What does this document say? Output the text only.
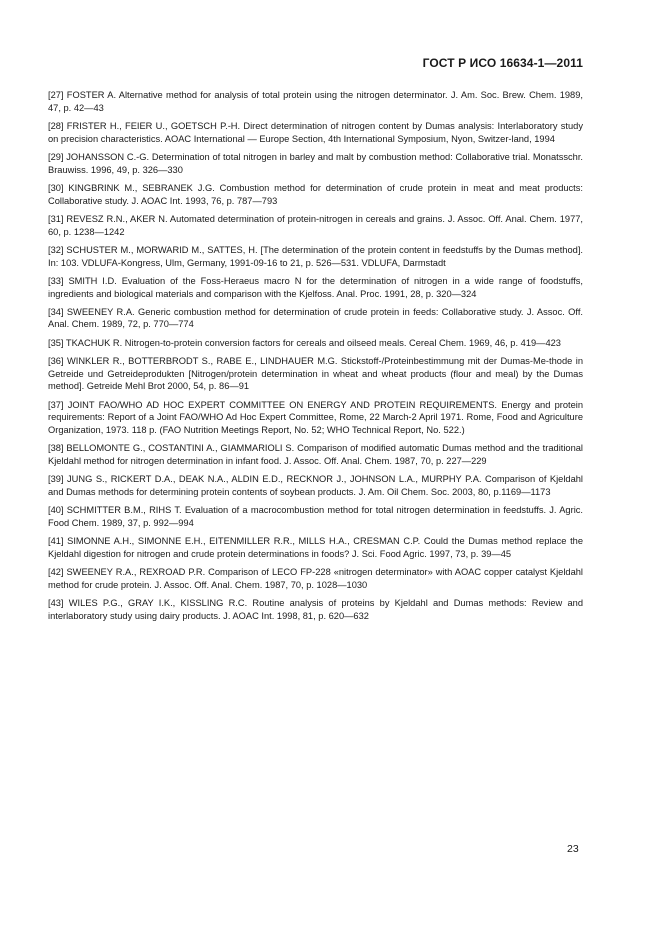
ГОСТ Р ИСО 16634-1—2011

[27] FOSTER A. Alternative method for analysis of total protein using the nitrogen determinator. J. Am. Soc. Brew. Chem. 1989, 47, p. 42—43

[28] FRISTER H., FEIER U., GOETSCH P.-H. Direct determination of nitrogen content by Dumas analysis: Interlaboratory study on precision characteristics. AOAC International — Europe Section, 4th International Symposium, Nyon, Switzer-land, 1994

[29] JOHANSSON C.-G. Determination of total nitrogen in barley and malt by combustion method: Collaborative trial. Monatsschr. Brauwiss. 1996, 49, p. 326—330

[30] KINGBRINK M., SEBRANEK J.G. Combustion method for determination of crude protein in meat and meat products: Collaborative study. J. AOAC Int. 1993, 76, p. 787—793

[31] REVESZ R.N., AKER N. Automated determination of protein-nitrogen in cereals and grains. J. Assoc. Off. Anal. Chem. 1977, 60, p. 1238—1242

[32] SCHUSTER M., MORWARID M., SATTES, H. [The determination of the protein content in feedstuffs by the Dumas method]. In: 103. VDLUFA-Kongress, Ulm, Germany, 1991-09-16 to 21, p. 526—531. VDLUFA, Darmstadt

[33] SMITH I.D. Evaluation of the Foss-Heraeus macro N for the determination of nitrogen in a wide range of foodstuffs, ingredients and biological materials and comparison with the Kjelfoss. Anal. Proc. 1991, 28, p. 320—324

[34] SWEENEY R.A. Generic combustion method for determination of crude protein in feeds: Collaborative study. J. Assoc. Off. Anal. Chem. 1989, 72, p. 770—774

[35] TKACHUK R. Nitrogen-to-protein conversion factors for cereals and oilseed meals. Cereal Chem. 1969, 46, p. 419—423

[36] WINKLER R., BOTTERBRODT S., RABE E., LINDHAUER M.G. Stickstoff-/Proteinbestimmung mit der Dumas-Me-thode in Getreide und Getreideprodukten [Nitrogen/protein determination in wheat and wheat products (flour and meal) by the Dumas method]. Getreide Mehl Brot 2000, 54, p. 86—91

[37] JOINT FAO/WHO AD HOC EXPERT COMMITTEE ON ENERGY AND PROTEIN REQUIREMENTS. Energy and protein requirements: Report of a Joint FAO/WHO Ad Hoc Expert Committee, Rome, 22 March-2 April 1971. Rome, Food and Agriculture Organization, 1973. 118 p. (FAO Nutrition Meetings Report, No. 52; WHO Technical Report, No. 522.)

[38] BELLOMONTE G., COSTANTINI A., GIAMMARIOLI S. Comparison of modified automatic Dumas method and the traditional Kjeldahl method for nitrogen determination in infant food. J. Assoc. Off. Anal. Chem. 1987, 70, p. 227—229

[39] JUNG S., RICKERT D.A., DEAK N.A., ALDIN E.D., RECKNOR J., JOHNSON L.A., MURPHY P.A. Comparison of Kjeldahl and Dumas methods for determining protein contents of soybean products. J. Am. Oil Chem. Soc. 2003, 80, p.1169—1173

[40] SCHMITTER B.M., RIHS T. Evaluation of a macrocombustion method for total nitrogen determination in feedstuffs. J. Agric. Food Chem. 1989, 37, p. 992—994

[41] SIMONNE A.H., SIMONNE E.H., EITENMILLER R.R., MILLS H.A., CRESMAN C.P. Could the Dumas method replace the Kjeldahl digestion for nitrogen and crude protein determinations in foods? J. Sci. Food Agric. 1997, 73, p. 39—45

[42] SWEENEY R.A., REXROAD P.R. Comparison of LECO FP-228 «nitrogen determinator» with AOAC copper catalyst Kjeldahl method for crude protein. J. Assoc. Off. Anal. Chem. 1987, 70, p. 1028—1030

[43] WILES P.G., GRAY I.K., KISSLING R.C. Routine analysis of proteins by Kjeldahl and Dumas methods: Review and interlaboratory study using dairy products. J. AOAC Int. 1998, 81, p. 620—632

23
